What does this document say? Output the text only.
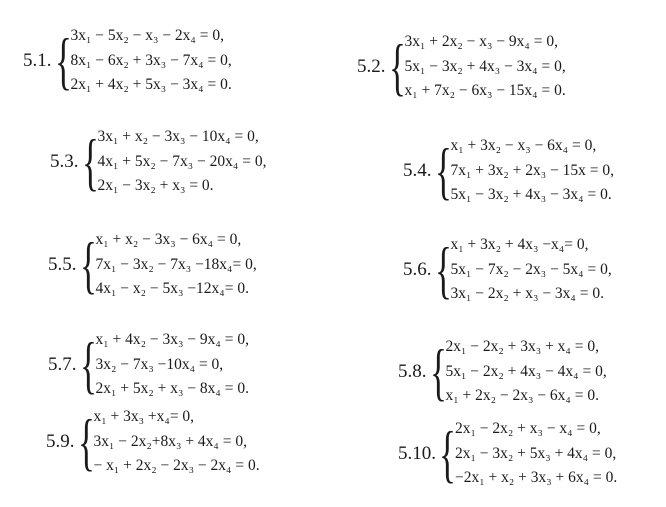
5.1. { 3x₁ − 5x₂ − x₃ − 2x₄ = 0,
8x₁ − 6x₂ + 3x₃ − 7x₄ = 0,
2x₁ + 4x₂ + 5x₃ − 3x₄ = 0.
5.2. { 3x₁ + 2x₂ − x₃ − 9x₄ = 0,
5x₁ − 3x₂ + 4x₃ − 3x₄ = 0,
x₁ + 7x₂ − 6x₃ − 15x₄ = 0.
5.3. { 3x₁ + x₂ − 3x₃ − 10x₄ = 0,
4x₁ + 5x₂ − 7x₃ − 20x₄ = 0,
2x₁ − 3x₂ + x₃ = 0.
5.4. { x₁ + 3x₂ − x₃ − 6x₄ = 0,
7x₁ + 3x₂ + 2x₃ − 15x = 0,
5x₁ − 3x₂ + 4x₃ − 3x₄ = 0.
5.5. { x₁ + x₂ − 3x₃ − 6x₄ = 0,
7x₁ − 3x₂ − 7x₃ −18x₄= 0,
4x₁ − x₂ − 5x₃ −12x₄= 0.
5.6. { x₁ + 3x₂ + 4x₃ −x₄= 0,
5x₁ − 7x₂ − 2x₃ − 5x₄ = 0,
3x₁ − 2x₂ + x₃ − 3x₄ = 0.
5.7. { x₁ + 4x₂ − 3x₃ − 9x₄ = 0,
3x₂ − 7x₃ −10x₄ = 0,
2x₁ + 5x₂ + x₃ − 8x₄ = 0.
5.8. { 2x₁ − 2x₂ + 3x₃ + x₄ = 0,
5x₁ − 2x₂ + 4x₃ − 4x₄ = 0,
x₁ + 2x₂ − 2x₃ − 6x₄ = 0.
5.9. { x₁ + 3x₃ +x₄= 0,
3x₁ − 2x₂+8x₃ + 4x₄ = 0,
− x₁ + 2x₂ − 2x₃ − 2x₄ = 0.
5.10. { 2x₁ − 2x₂ + x₃ − x₄ = 0,
2x₁ − 3x₂ + 5x₃ + 4x₄ = 0,
−2x₁ + x₂ + 3x₃ + 6x₄ = 0.
